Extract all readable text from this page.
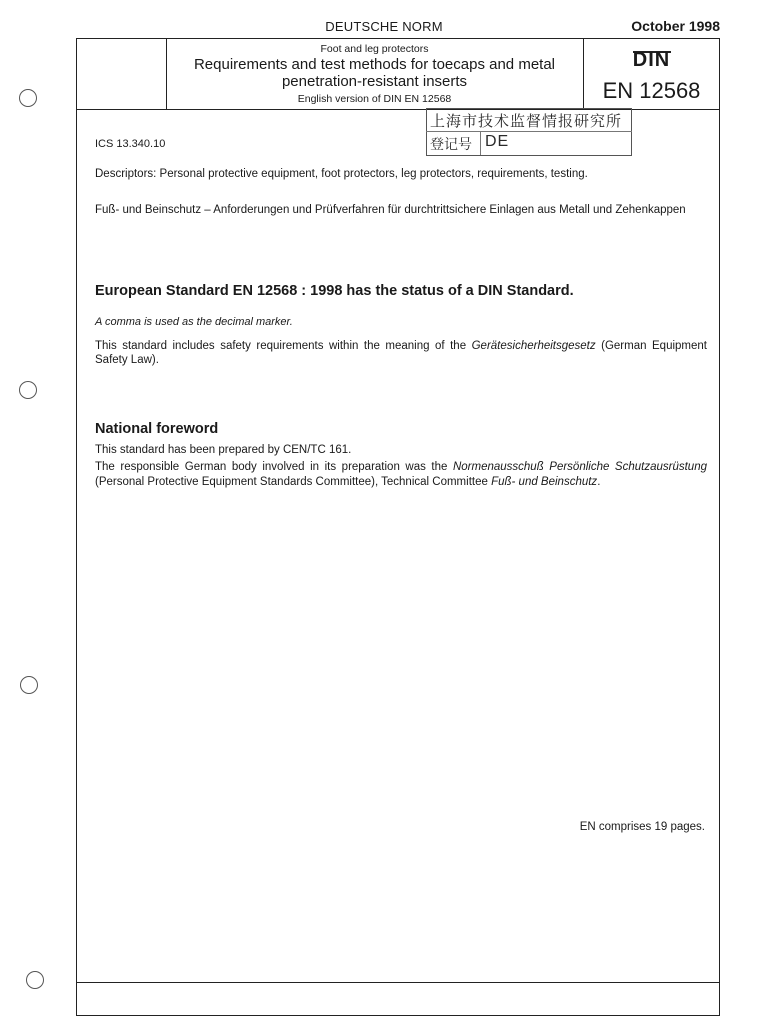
DEUTSCHE NORM	October 1998
Foot and leg protectors
Requirements and test methods for toecaps and metal
penetration-resistant inserts
English version of DIN EN 12568
DIN
EN 12568
上海市技术监督情报研究所
登记号 DE
ICS 13.340.10
Descriptors: Personal protective equipment, foot protectors, leg protectors, requirements, testing.
Fuß- und Beinschutz – Anforderungen und Prüfverfahren für durchtrittsichere Einlagen aus Metall und Zehenkappen
European Standard EN 12568 : 1998 has the status of a DIN Standard.
A comma is used as the decimal marker.
This standard includes safety requirements within the meaning of the Gerätesicherheitsgesetz (German Equipment Safety Law).
National foreword
This standard has been prepared by CEN/TC 161.
The responsible German body involved in its preparation was the Normenausschuß Persönliche Schutzausrüstung (Personal Protective Equipment Standards Committee), Technical Committee Fuß- und Beinschutz.
EN comprises 19 pages.
